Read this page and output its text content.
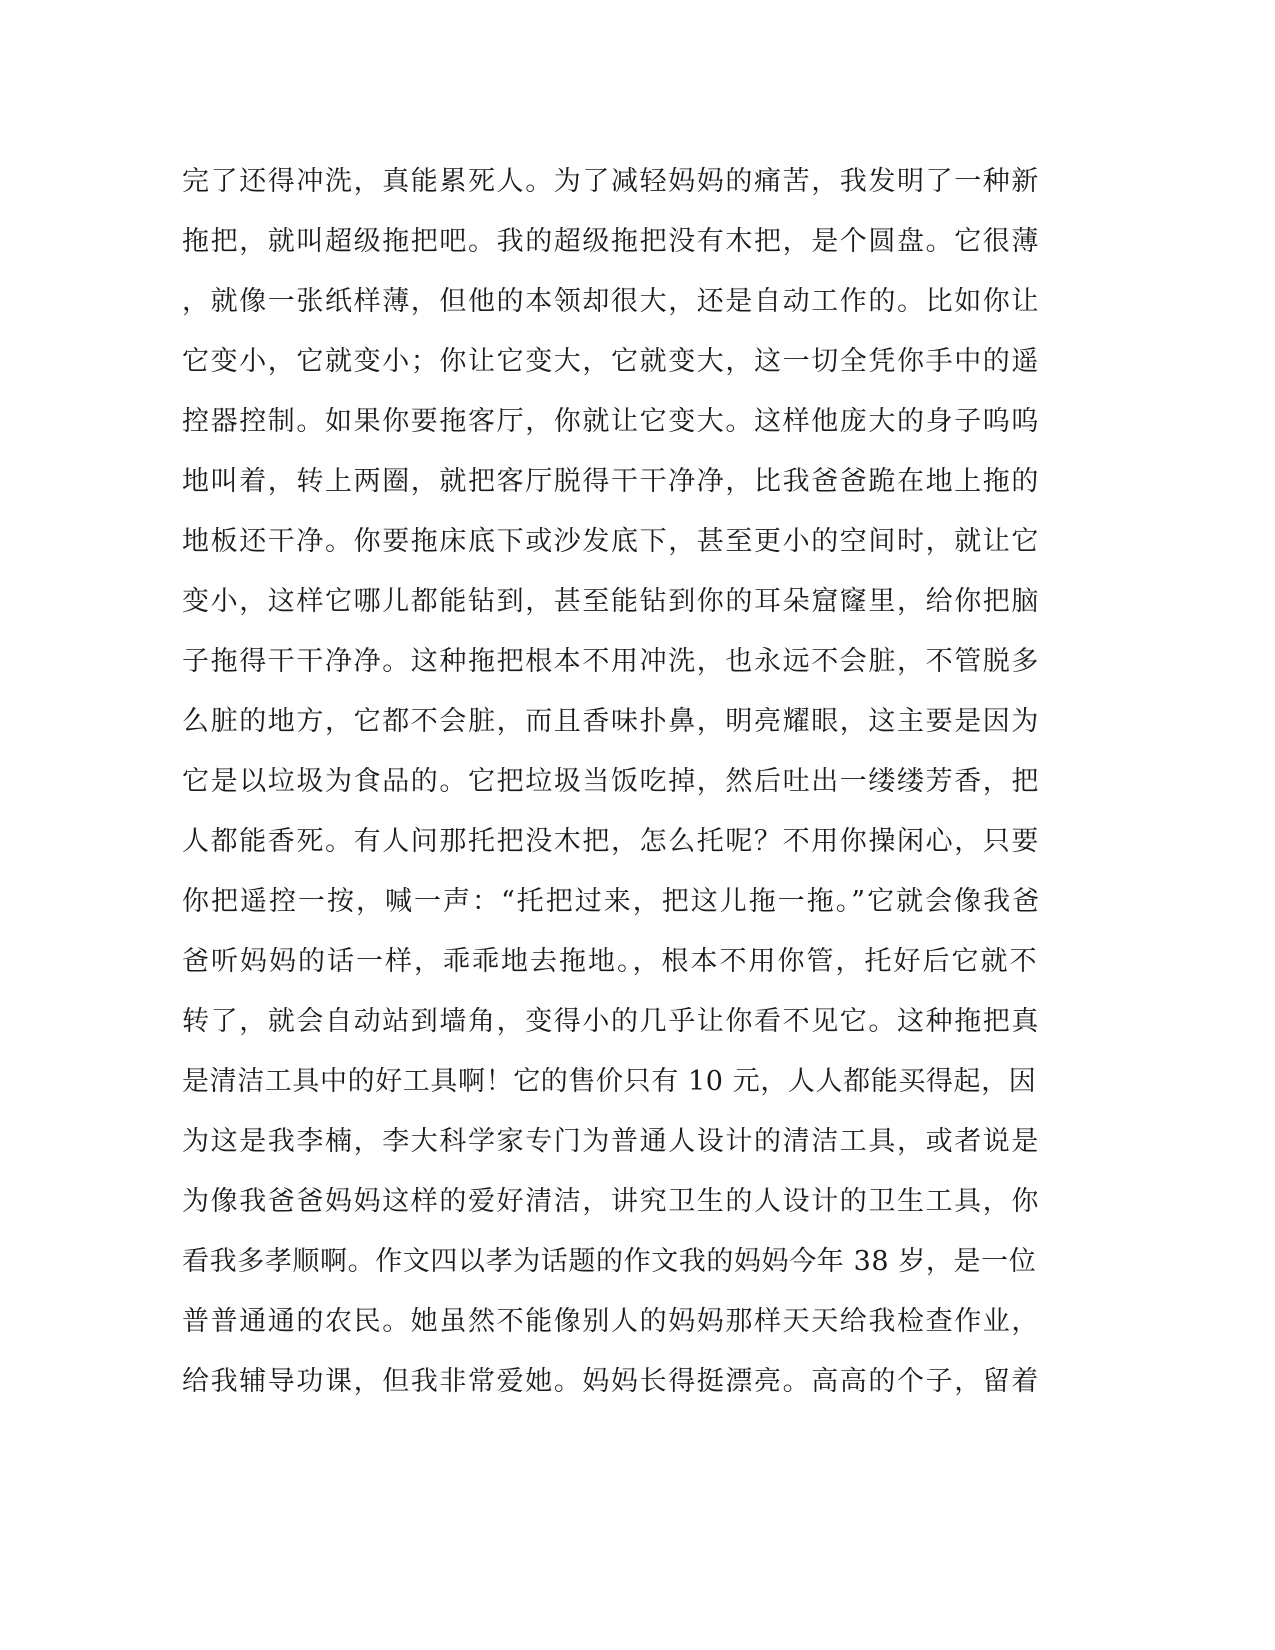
完了还得冲洗，真能累死人。为了减轻妈妈的痛苦，我发明了一种新
拖把，就叫超级拖把吧。我的超级拖把没有木把，是个圆盘。它很薄
，就像一张纸样薄，但他的本领却很大，还是自动工作的。比如你让
它变小，它就变小；你让它变大，它就变大，这一切全凭你手中的遥
控器控制。如果你要拖客厅，你就让它变大。这样他庞大的身子呜呜
地叫着，转上两圈，就把客厅脱得干干净净，比我爸爸跪在地上拖的
地板还干净。你要拖床底下或沙发底下，甚至更小的空间时，就让它
变小，这样它哪儿都能钻到，甚至能钻到你的耳朵窟窿里，给你把脑
子拖得干干净净。这种拖把根本不用冲洗，也永远不会脏，不管脱多
么脏的地方，它都不会脏，而且香味扑鼻，明亮耀眼，这主要是因为
它是以垃圾为食品的。它把垃圾当饭吃掉，然后吐出一缕缕芳香，把
人都能香死。有人问那托把没木把，怎么托呢？不用你操闲心，只要
你把遥控一按，喊一声：“托把过来，把这儿拖一拖。”它就会像我爸
爸听妈妈的话一样，乖乖地去拖地。，根本不用你管，托好后它就不
转了，就会自动站到墙角，变得小的几乎让你看不见它。这种拖把真
是清洁工具中的好工具啊！它的售价只有 10 元，人人都能买得起，因
为这是我李楠，李大科学家专门为普通人设计的清洁工具，或者说是
为像我爸爸妈妈这样的爱好清洁，讲究卫生的人设计的卫生工具，你
看我多孝顺啊。作文四以孝为话题的作文我的妈妈今年 38 岁，是一位
普普通通的农民。她虽然不能像别人的妈妈那样天天给我检查作业，
给我辅导功课，但我非常爱她。妈妈长得挺漂亮。高高的个子，留着
